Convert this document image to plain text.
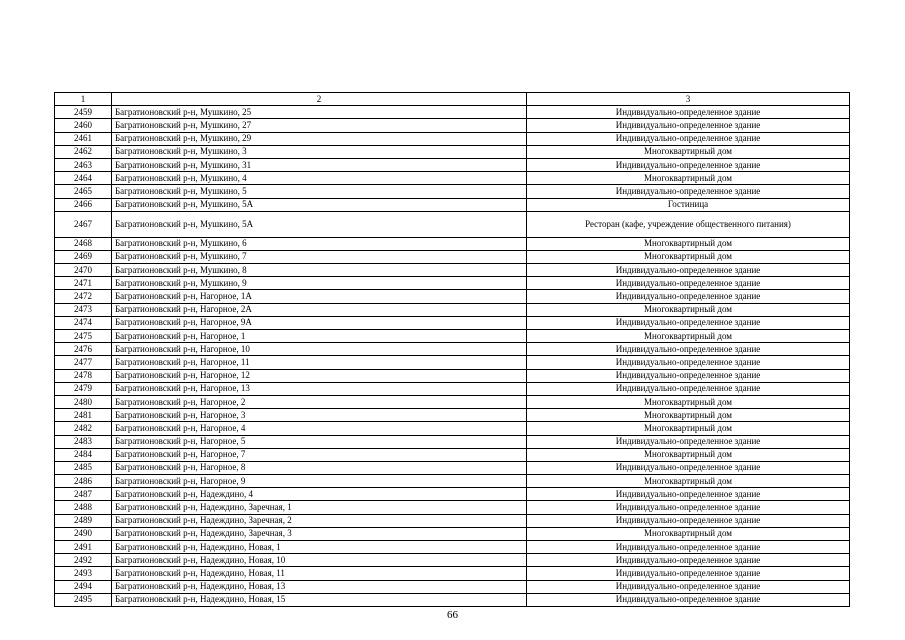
1	2	3
2459	Багратионовский р-н, Мушкино, 25	Индивидуально-определенное здание
2460	Багратионовский р-н, Мушкино, 27	Индивидуально-определенное здание
2461	Багратионовский р-н, Мушкино, 29	Индивидуально-определенное здание
2462	Багратионовский р-н, Мушкино, 3	Многоквартирный дом
2463	Багратионовский р-н, Мушкино, 31	Индивидуально-определенное здание
2464	Багратионовский р-н, Мушкино, 4	Многоквартирный дом
2465	Багратионовский р-н, Мушкино, 5	Индивидуально-определенное здание
2466	Багратионовский р-н, Мушкино, 5А	Гостиница
2467	Багратионовский р-н, Мушкино, 5А	Ресторан (кафе, учреждение общественного питания)
2468	Багратионовский р-н, Мушкино, 6	Многоквартирный дом
2469	Багратионовский р-н, Мушкино, 7	Многоквартирный дом
2470	Багратионовский р-н, Мушкино, 8	Индивидуально-определенное здание
2471	Багратионовский р-н, Мушкино, 9	Индивидуально-определенное здание
2472	Багратионовский р-н, Нагорное, 1А	Индивидуально-определенное здание
2473	Багратионовский р-н, Нагорное, 2А	Многоквартирный дом
2474	Багратионовский р-н, Нагорное, 9А	Индивидуально-определенное здание
2475	Багратионовский р-н, Нагорное, 1	Многоквартирный дом
2476	Багратионовский р-н, Нагорное, 10	Индивидуально-определенное здание
2477	Багратионовский р-н, Нагорное, 11	Индивидуально-определенное здание
2478	Багратионовский р-н, Нагорное, 12	Индивидуально-определенное здание
2479	Багратионовский р-н, Нагорное, 13	Индивидуально-определенное здание
2480	Багратионовский р-н, Нагорное, 2	Многоквартирный дом
2481	Багратионовский р-н, Нагорное, 3	Многоквартирный дом
2482	Багратионовский р-н, Нагорное, 4	Многоквартирный дом
2483	Багратионовский р-н, Нагорное, 5	Индивидуально-определенное здание
2484	Багратионовский р-н, Нагорное, 7	Многоквартирный дом
2485	Багратионовский р-н, Нагорное, 8	Индивидуально-определенное здание
2486	Багратионовский р-н, Нагорное, 9	Многоквартирный дом
2487	Багратионовский р-н, Надеждино, 4	Индивидуально-определенное здание
2488	Багратионовский р-н, Надеждино, Заречная, 1	Индивидуально-определенное здание
2489	Багратионовский р-н, Надеждино, Заречная, 2	Индивидуально-определенное здание
2490	Багратионовский р-н, Надеждино, Заречная, 3	Многоквартирный дом
2491	Багратионовский р-н, Надеждино, Новая, 1	Индивидуально-определенное здание
2492	Багратионовский р-н, Надеждино, Новая, 10	Индивидуально-определенное здание
2493	Багратионовский р-н, Надеждино, Новая, 11	Индивидуально-определенное здание
2494	Багратионовский р-н, Надеждино, Новая, 13	Индивидуально-определенное здание
2495	Багратионовский р-н, Надеждино, Новая, 15	Индивидуально-определенное здание
66
